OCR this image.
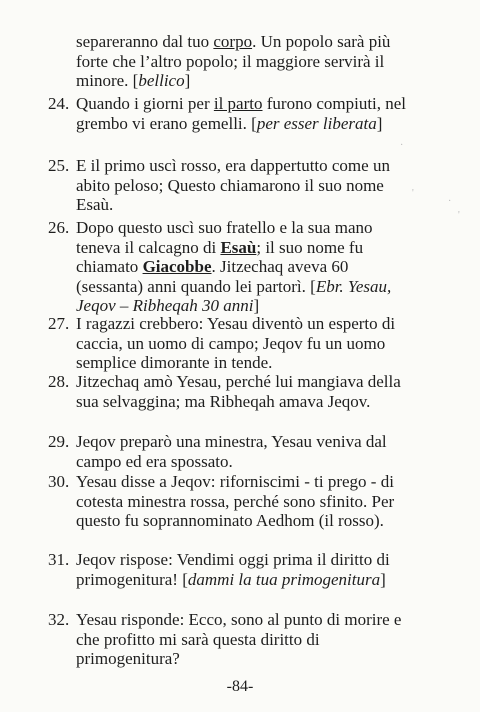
separeranno dal tuo corpo. Un popolo sarà più forte che l’altro popolo; il maggiore servirà il minore. [bellico]
24. Quando i giorni per il parto furono compiuti, nel grembo vi erano gemelli. [per esser liberata]
25. E il primo uscì rosso, era dappertutto come un abito peloso; Questo chiamarono il suo nome Esaù.
26. Dopo questo uscì suo fratello e la sua mano teneva il calcagno di Esaù; il suo nome fu chiamato Giacobbe. Jitzechaq aveva 60 (sessanta) anni quando lei partorì. [Ebr. Yesau, Jeqov – Ribheqah 30 anni]
27. I ragazzi crebbero: Yesau diventò un esperto di caccia, un uomo di campo; Jeqov fu un uomo semplice dimorante in tende.
28. Jitzechaq amò Yesau, perché lui mangiava della sua selvaggina; ma Ribheqah amava Jeqov.
29. Jeqov preparò una minestra, Yesau veniva dal campo ed era spossato.
30. Yesau disse a Jeqov: riforniscimi - ti prego - di cotesta minestra rossa, perché sono sfinito. Per questo fu soprannominato Aedhom (il rosso).
31. Jeqov rispose: Vendimi oggi prima il diritto di primogenitura! [dammi la tua primogenitura]
32. Yesau risponde: Ecco, sono al punto di morire e che profitto mi sarà questa diritto di primogenitura?
-84-
'
·
'
·
